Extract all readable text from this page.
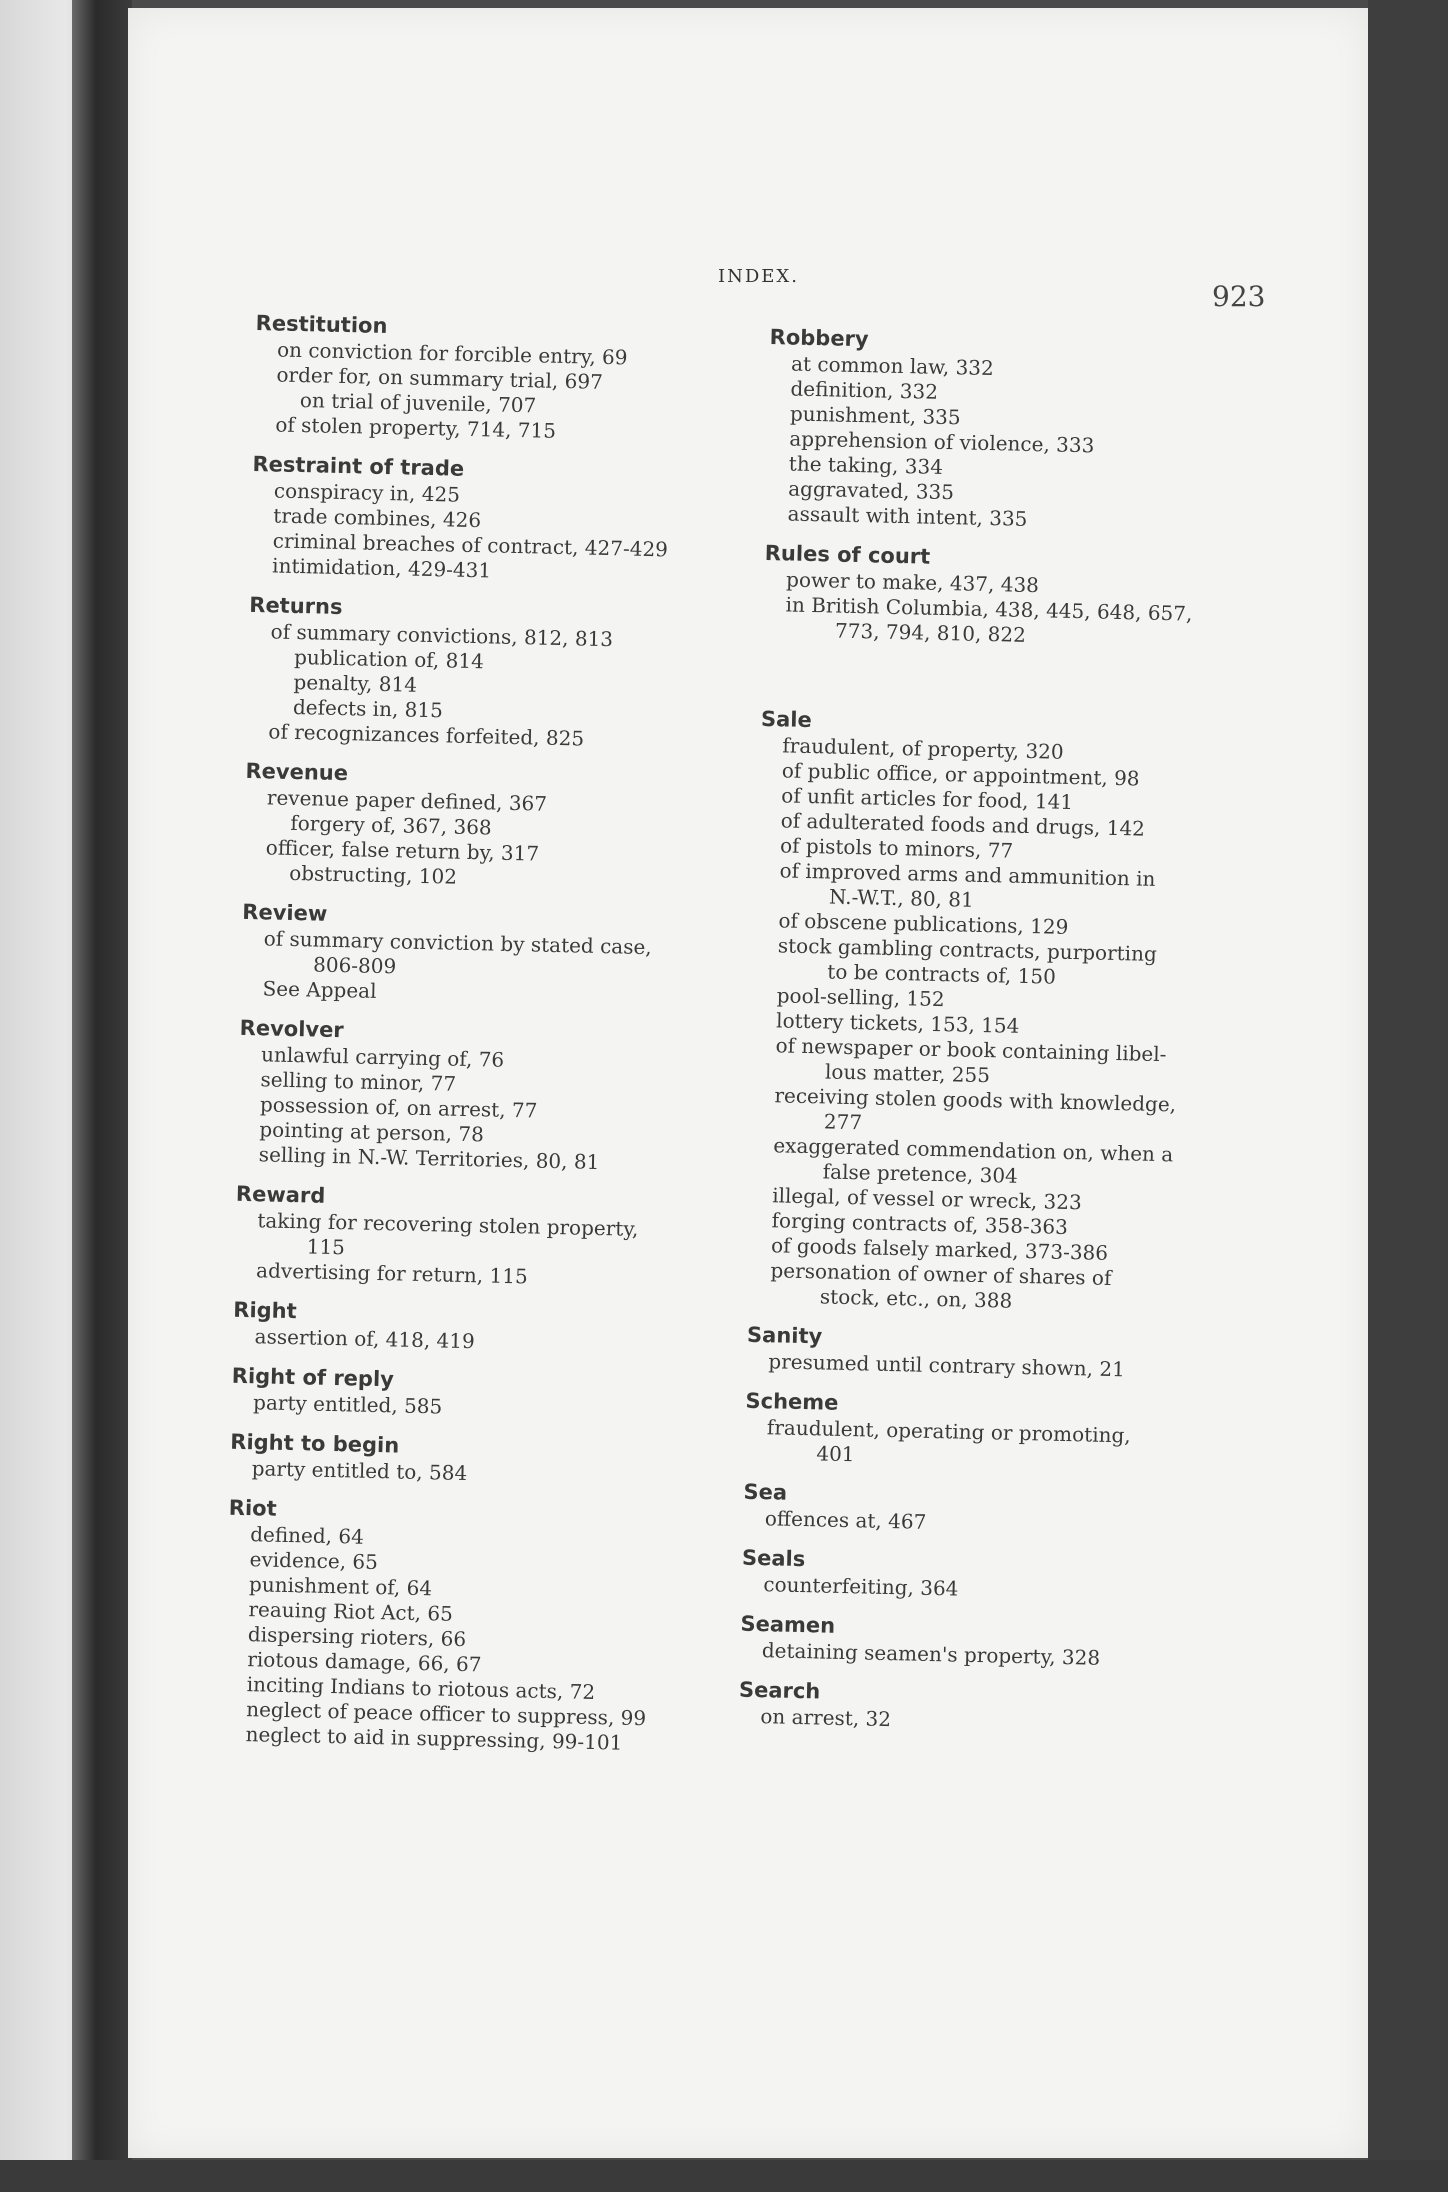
INDEX.
923
Restitution
on conviction for forcible entry, 69
order for, on summary trial, 697
on trial of juvenile, 707
of stolen property, 714, 715
Restraint of trade
conspiracy in, 425
trade combines, 426
criminal breaches of contract, 427-429
intimidation, 429-431
Returns
of summary convictions, 812, 813
publication of, 814
penalty, 814
defects in, 815
of recognizances forfeited, 825
Revenue
revenue paper defined, 367
forgery of, 367, 368
officer, false return by, 317
obstructing, 102
Review
of summary conviction by stated case,
806-809
See Appeal
Revolver
unlawful carrying of, 76
selling to minor, 77
possession of, on arrest, 77
pointing at person, 78
selling in N.-W. Territories, 80, 81
Reward
taking for recovering stolen property,
115
advertising for return, 115
Right
assertion of, 418, 419
Right of reply
party entitled, 585
Right to begin
party entitled to, 584
Riot
defined, 64
evidence, 65
punishment of, 64
reauing Riot Act, 65
dispersing rioters, 66
riotous damage, 66, 67
inciting Indians to riotous acts, 72
neglect of peace officer to suppress, 99
neglect to aid in suppressing, 99-101
Robbery
at common law, 332
definition, 332
punishment, 335
apprehension of violence, 333
the taking, 334
aggravated, 335
assault with intent, 335
Rules of court
power to make, 437, 438
in British Columbia, 438, 445, 648, 657,
773, 794, 810, 822
Sale
fraudulent, of property, 320
of public office, or appointment, 98
of unfit articles for food, 141
of adulterated foods and drugs, 142
of pistols to minors, 77
of improved arms and ammunition in
N.-W.T., 80, 81
of obscene publications, 129
stock gambling contracts, purporting
to be contracts of, 150
pool-selling, 152
lottery tickets, 153, 154
of newspaper or book containing libel-
lous matter, 255
receiving stolen goods with knowledge,
277
exaggerated commendation on, when a
false pretence, 304
illegal, of vessel or wreck, 323
forging contracts of, 358-363
of goods falsely marked, 373-386
personation of owner of shares of
stock, etc., on, 388
Sanity
presumed until contrary shown, 21
Scheme
fraudulent, operating or promoting,
401
Sea
offences at, 467
Seals
counterfeiting, 364
Seamen
detaining seamen's property, 328
Search
on arrest, 32
